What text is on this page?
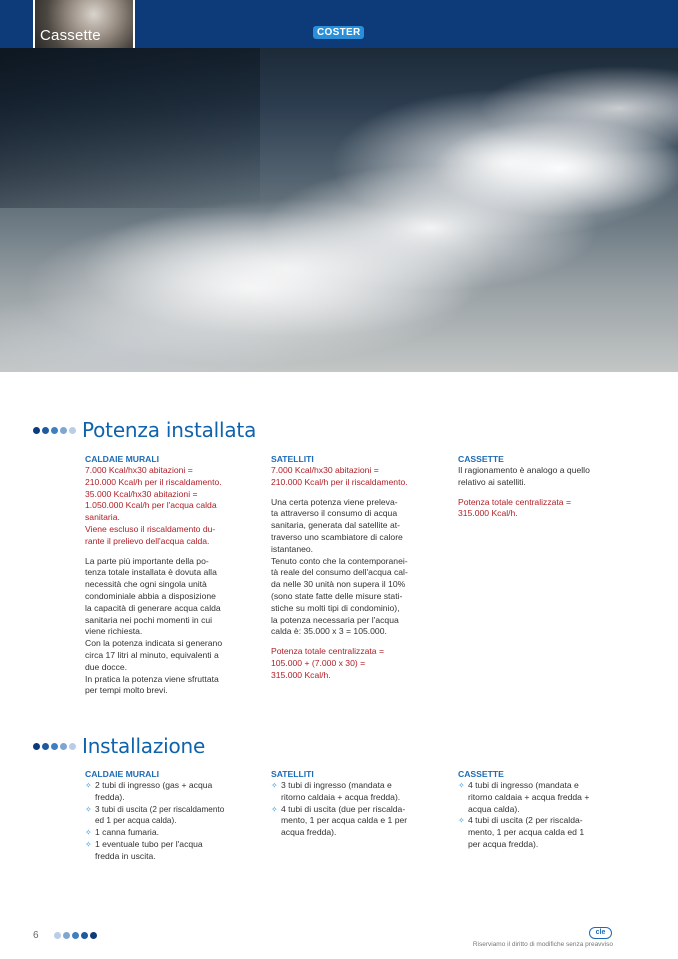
Cassette	COSTER
Potenza installata
CALDAIE MURALI
7.000 Kcal/hx30 abitazioni =
210.000 Kcal/h per il riscaldamento.
35.000 Kcal/hx30 abitazioni =
1.050.000 Kcal/h per l'acqua calda
sanitaria.
Viene escluso il riscaldamento du-
rante il prelievo dell'acqua calda.
La parte più importante della po-
tenza totale installata è dovuta alla
necessità che ogni singola unità
condominiale abbia a disposizione
la capacità di generare acqua calda
sanitaria nei pochi momenti in cui
viene richiesta.
Con la potenza indicata si generano
circa 17 litri al minuto, equivalenti a
due docce.
In pratica la potenza viene sfruttata
per tempi molto brevi.
SATELLITI
7.000 Kcal/hx30 abitazioni =
210.000 Kcal/h per il riscaldamento.
Una certa potenza viene preleva-
ta attraverso il consumo di acqua
sanitaria, generata dal satellite at-
traverso uno scambiatore di calore
istantaneo.
Tenuto conto che la contemporanei-
tà reale del consumo dell'acqua cal-
da nelle 30 unità non supera il 10%
(sono state fatte delle misure stati-
stiche su molti tipi di condominio),
la potenza necessaria per l'acqua
calda è: 35.000 x 3 = 105.000.
Potenza totale centralizzata =
105.000 + (7.000 x 30) =
315.000 Kcal/h.
CASSETTE
Il ragionamento è analogo a quello
relativo ai satelliti.
Potenza totale centralizzata =
315.000 Kcal/h.
Installazione
CALDAIE MURALI
✧ 2 tubi di ingresso (gas + acqua
fredda).
✧ 3 tubi di uscita (2 per riscaldamento
ed 1 per acqua calda).
✧ 1 canna fumaria.
✧ 1 eventuale tubo per l'acqua
fredda in uscita.
SATELLITI
✧ 3 tubi di ingresso (mandata e
ritorno caldaia + acqua fredda).
✧ 4 tubi di uscita (due per riscalda-
mento, 1 per acqua calda e 1 per
acqua fredda).
CASSETTE
✧ 4 tubi di ingresso (mandata e
ritorno caldaia + acqua fredda +
acqua calda).
✧ 4 tubi di uscita (2 per riscalda-
mento, 1 per acqua calda ed 1
per acqua fredda).
6	cle
Riserviamo il diritto di modifiche senza preavviso
